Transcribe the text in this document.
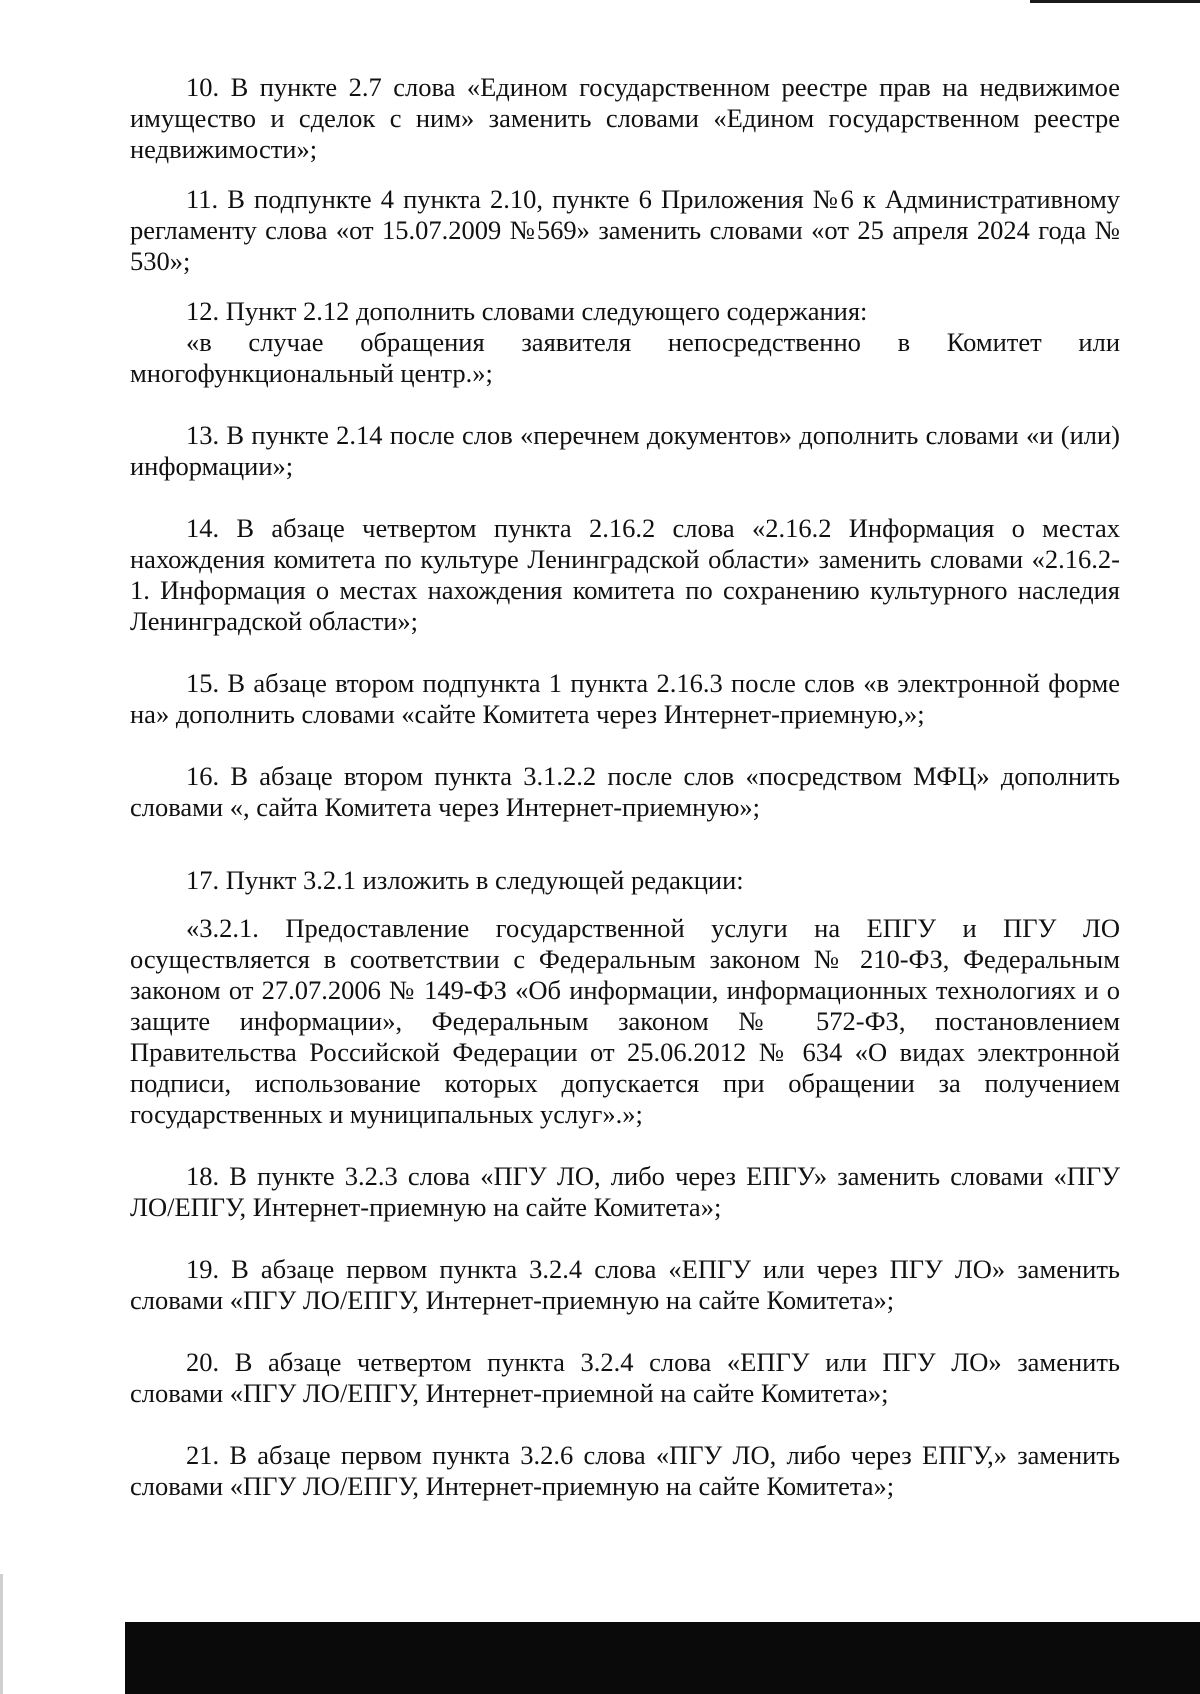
10. В пункте 2.7 слова «Едином государственном реестре прав на недвижимое имущество и сделок с ним» заменить словами «Едином государственном реестре недвижимости»;

11. В подпункте 4 пункта 2.10, пункте 6 Приложения №6 к Административному регламенту слова «от 15.07.2009 №569» заменить словами «от 25 апреля 2024 года № 530»;

12. Пункт 2.12 дополнить словами следующего содержания:

«в случае обращения заявителя непосредственно в Комитет или многофункциональный центр.»;

13. В пункте 2.14 после слов «перечнем документов» дополнить словами «и (или) информации»;

14. В абзаце четвертом пункта 2.16.2 слова «2.16.2 Информация о местах нахождения комитета по культуре Ленинградской области» заменить словами «2.16.2-1. Информация о местах нахождения комитета по сохранению культурного наследия Ленинградской области»;

15. В абзаце втором подпункта 1 пункта 2.16.3 после слов «в электронной форме на» дополнить словами «сайте Комитета через Интернет-приемную,»;

16. В абзаце втором пункта 3.1.2.2 после слов «посредством МФЦ» дополнить словами «, сайта Комитета через Интернет-приемную»;

17. Пункт 3.2.1 изложить в следующей редакции:

«3.2.1. Предоставление государственной услуги на ЕПГУ и ПГУ ЛО осуществляется в соответствии с Федеральным законом № 210-ФЗ, Федеральным законом от 27.07.2006 № 149-ФЗ «Об информации, информационных технологиях и о защите информации», Федеральным законом № 572-ФЗ, постановлением Правительства Российской Федерации от 25.06.2012 № 634 «О видах электронной подписи, использование которых допускается при обращении за получением государственных и муниципальных услуг».»;

18. В пункте 3.2.3 слова «ПГУ ЛО, либо через ЕПГУ» заменить словами «ПГУ ЛО/ЕПГУ, Интернет-приемную на сайте Комитета»;

19. В абзаце первом пункта 3.2.4 слова «ЕПГУ или через ПГУ ЛО» заменить словами «ПГУ ЛО/ЕПГУ, Интернет-приемную на сайте Комитета»;

20. В абзаце четвертом пункта 3.2.4 слова «ЕПГУ или ПГУ ЛО» заменить словами «ПГУ ЛО/ЕПГУ, Интернет-приемной на сайте Комитета»;

21. В абзаце первом пункта 3.2.6 слова «ПГУ ЛО, либо через ЕПГУ,» заменить словами «ПГУ ЛО/ЕПГУ, Интернет-приемную на сайте Комитета»;
